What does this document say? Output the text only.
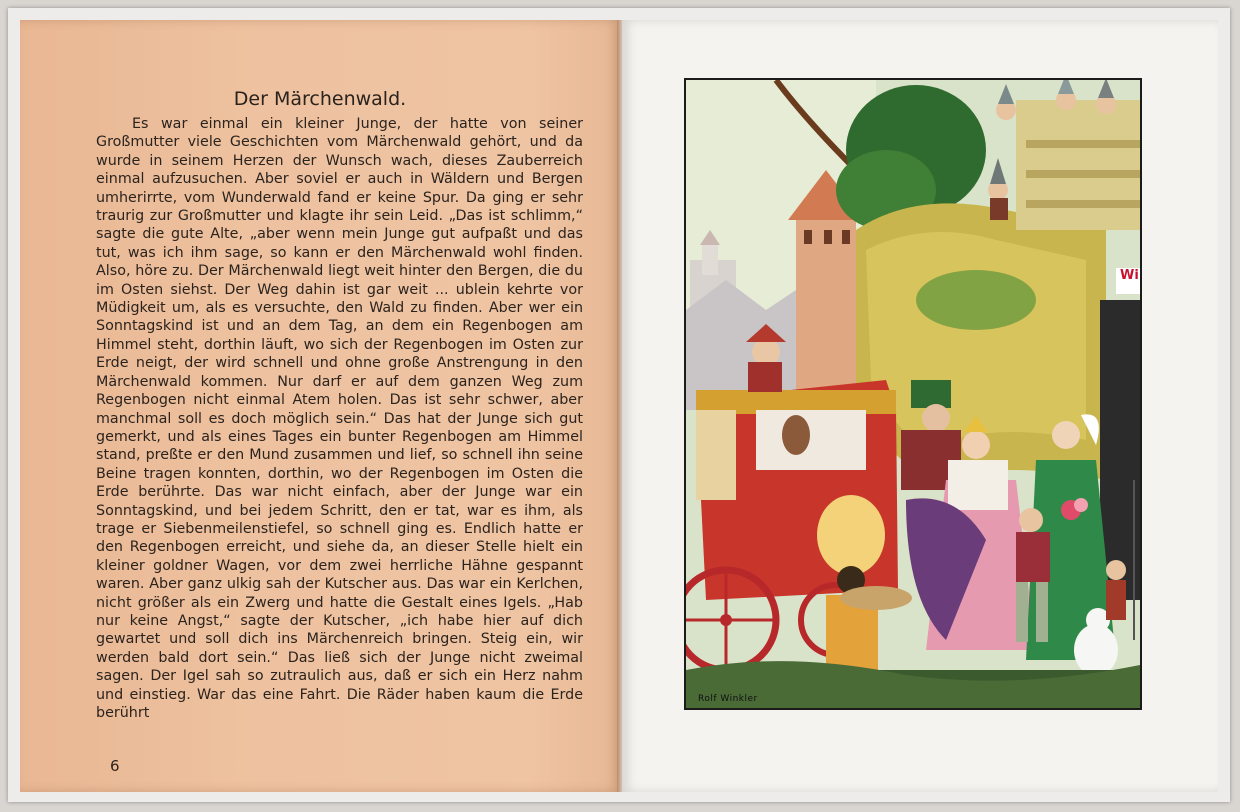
Der Märchenwald.

Es war einmal ein kleiner Junge, der hatte von seiner Großmutter viele Geschichten vom Märchenwald gehört, und da wurde in seinem Herzen der Wunsch wach, dieses Zauberreich einmal aufzusuchen. Aber soviel er auch in Wäldern und Bergen umherirrte, vom Wunderwald fand er keine Spur. Da ging er sehr traurig zur Großmutter und klagte ihr sein Leid. „Das ist schlimm,“ sagte die gute Alte, „aber wenn mein Junge gut aufpaßt und das tut, was ich ihm sage, so kann er den Märchenwald wohl finden. Also, höre zu. Der Märchenwald liegt weit hinter den Bergen, die du im Osten siehst. Der Weg dahin ist gar weit ... ublein kehrte vor Müdigkeit um, als es versuchte, den Wald zu finden. Aber wer ein Sonntagskind ist und an dem Tag, an dem ein Regenbogen am Himmel steht, dorthin läuft, wo sich der Regenbogen im Osten zur Erde neigt, der wird schnell und ohne große Anstrengung in den Märchenwald kommen. Nur darf er auf dem ganzen Weg zum Regenbogen nicht einmal Atem holen. Das ist sehr schwer, aber manchmal soll es doch möglich sein.“ Das hat der Junge sich gut gemerkt, und als eines Tages ein bunter Regenbogen am Himmel stand, preßte er den Mund zusammen und lief, so schnell ihn seine Beine tragen konnten, dorthin, wo der Regenbogen im Osten die Erde berührte. Das war nicht einfach, aber der Junge war ein Sonntagskind, und bei jedem Schritt, den er tat, war es ihm, als trage er Siebenmeilenstiefel, so schnell ging es. Endlich hatte er den Regenbogen erreicht, und siehe da, an dieser Stelle hielt ein kleiner goldner Wagen, vor dem zwei herrliche Hähne gespannt waren. Aber ganz ulkig sah der Kutscher aus. Das war ein Kerlchen, nicht größer als ein Zwerg und hatte die Gestalt eines Igels. „Hab nur keine Angst,“ sagte der Kutscher, „ich habe hier auf dich gewartet und soll dich ins Märchenreich bringen. Steig ein, wir werden bald dort sein.“ Das ließ sich der Junge nicht zweimal sagen. Der Igel sah so zutraulich aus, daß er sich ein Herz nahm und einstieg. War das eine Fahrt. Die Räder haben kaum die Erde berührt

6
Rolf Winkler
Wi
